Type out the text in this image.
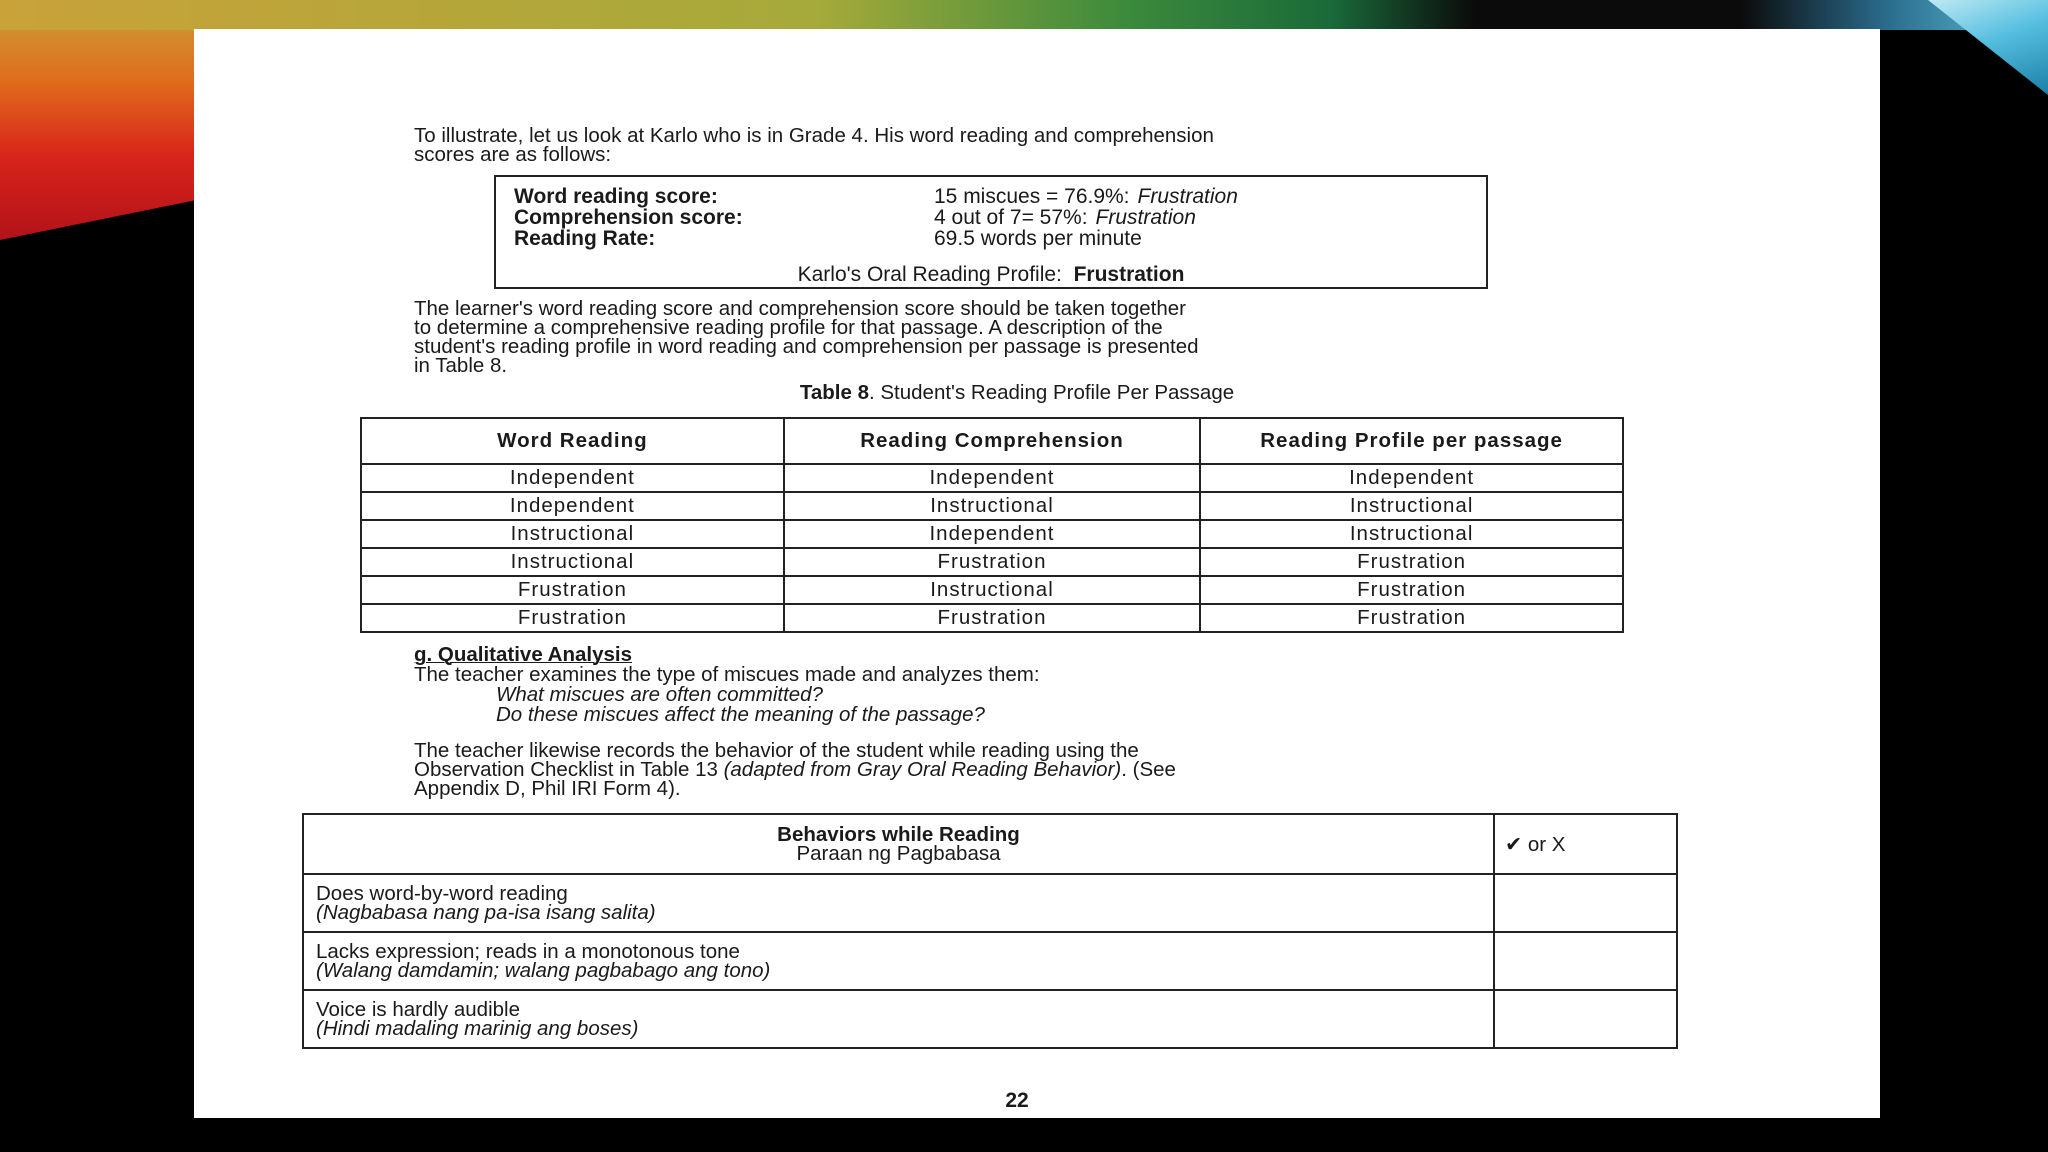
To illustrate, let us look at Karlo who is in Grade 4. His word reading and comprehension
scores are as follows:
Word reading score:	15 miscues = 76.9%: Frustration
Comprehension score:	4 out of 7= 57%: Frustration
Reading Rate:	69.5 words per minute
Karlo's Oral Reading Profile: Frustration
The learner's word reading score and comprehension score should be taken together
to determine a comprehensive reading profile for that passage. A description of the
student's reading profile in word reading and comprehension per passage is presented
in Table 8.
Table 8. Student's Reading Profile Per Passage
Word Reading	Reading Comprehension	Reading Profile per passage
Independent	Independent	Independent
Independent	Instructional	Instructional
Instructional	Independent	Instructional
Instructional	Frustration	Frustration
Frustration	Instructional	Frustration
Frustration	Frustration	Frustration
g. Qualitative Analysis
The teacher examines the type of miscues made and analyzes them:
What miscues are often committed?
Do these miscues affect the meaning of the passage?
The teacher likewise records the behavior of the student while reading using the
Observation Checklist in Table 13 (adapted from Gray Oral Reading Behavior). (See
Appendix D, Phil IRI Form 4).
Behaviors while Reading
Paraan ng Pagbabasa	✔ or X

Does word-by-word reading
(Nagbabasa nang pa-isa isang salita)	

Lacks expression; reads in a monotonous tone
(Walang damdamin; walang pagbabago ang tono)	

Voice is hardly audible
(Hindi madaling marinig ang boses)	

22
